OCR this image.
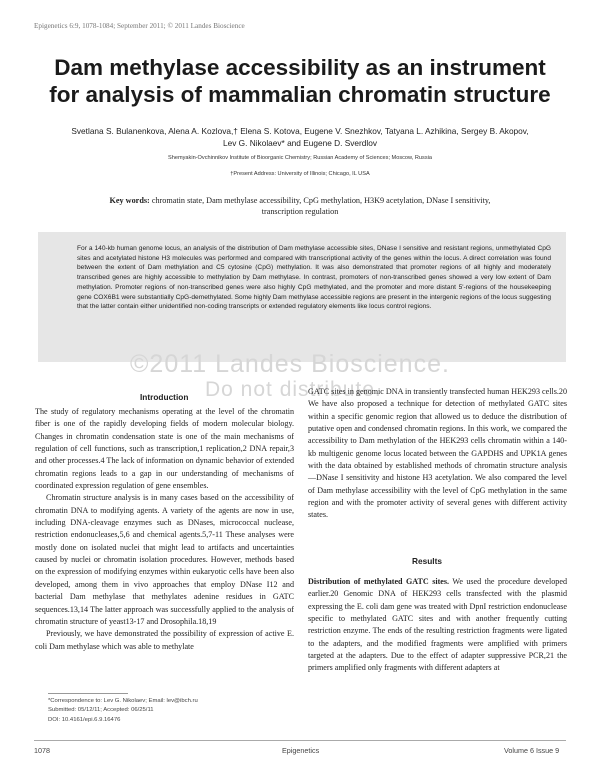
Epigenetics 6:9, 1078-1084; September 2011; © 2011 Landes Bioscience
Dam methylase accessibility as an instrument
for analysis of mammalian chromatin structure
Svetlana S. Bulanenkova, Alena A. Kozlova,† Elena S. Kotova, Eugene V. Snezhkov, Tatyana L. Azhikina, Sergey B. Akopov,
Lev G. Nikolaev* and Eugene D. Sverdlov
Shemyakin-Ovchinnikov Institute of Bioorganic Chemistry; Russian Academy of Sciences; Moscow, Russia
†Present Address: University of Illinois; Chicago, IL USA
Key words: chromatin state, Dam methylase accessibility, CpG methylation, H3K9 acetylation, DNase I sensitivity, transcription regulation
For a 140-kb human genome locus, an analysis of the distribution of Dam methylase accessible sites, DNase I sensitive and resistant regions, unmethylated CpG sites and acetylated histone H3 molecules was performed and compared with transcriptional activity of the genes within the locus. A direct correlation was found between the extent of Dam methylation and C5 cytosine (CpG) methylation. It was also demonstrated that promoter regions of all highly and moderately transcribed genes are highly accessible to methylation by Dam methylase. In contrast, promoters of non-transcribed genes showed a very low extent of Dam methylation. Promoter regions of non-transcribed genes were also highly CpG methylated, and the promoter and more distant 5'-regions of the housekeeping gene COX6B1 were substantially CpG-demethylated. Some highly Dam methylase accessible regions are present in the intergenic regions of the locus suggesting that the latter contain either unidentified non-coding transcripts or extended regulatory elements like locus control regions.
©2011 Landes Bioscience.
Do not distribute.
Introduction

The study of regulatory mechanisms operating at the level of the chromatin fiber is one of the rapidly developing fields of modern molecular biology. Changes in chromatin condensation state is one of the main mechanisms of regulation of cell functions, such as transcription,1 replication,2 DNA repair,3 and other processes.4 The lack of information on dynamic behavior of extended chromatin regions leads to a gap in our understanding of mechanisms of coordinated expression regulation of gene ensembles.

Chromatin structure analysis is in many cases based on the accessibility of chromatin DNA to modifying agents. A variety of the agents are now in use, including DNA-cleavage enzymes such as DNases, micrococcal nuclease, restriction endonucleases,5,6 and chemical agents.5,7-11 These analyses were mostly done on isolated nuclei that might lead to artifacts and uncertainties caused by nuclei or chromatin isolation procedures. However, methods based on the expression of modifying enzymes within eukaryotic cells have been also developed, among them in vivo approaches that employ DNase I12 and bacterial Dam methylase that methylates adenine residues in GATC sequences.13,14 The latter approach was successfully applied to the analysis of chromatin structure of yeast13-17 and Drosophila.18,19

Previously, we have demonstrated the possibility of expression of active E. coli Dam methylase which was able to methylate

GATC sites in genomic DNA in transiently transfected human HEK293 cells.20 We have also proposed a technique for detection of methylated GATC sites within a specific genomic region that allowed us to deduce the distribution of putative open and condensed chromatin regions. In this work, we compared the accessibility to Dam methylation of the HEK293 cells chromatin within a 140-kb multigenic genome locus located between the GAPDHS and UPK1A genes with the data obtained by established methods of chromatin structure analysis—DNase I sensitivity and histone H3 acetylation. We also compared the level of Dam methylase accessibility with the level of CpG methylation in the same region and with the promoter activity of several genes with different activity states.

Results

Distribution of methylated GATC sites. We used the procedure developed earlier.20 Genomic DNA of HEK293 cells transfected with the plasmid expressing the E. coli dam gene was treated with DpnI restriction endonuclease specific to methylated GATC sites and with another frequently cutting restriction enzyme. The ends of the resulting restriction fragments were ligated to the adapters, and the modified fragments were amplified with primers targeted at the adapters. Due to the effect of adapter suppressive PCR,21 the primers amplified only fragments with different adapters at

*Correspondence to: Lev G. Nikolaev; Email: lev@ibch.ru
Submitted: 05/12/11; Accepted: 06/25/11
DOI: 10.4161/epi.6.9.16476
1078	Epigenetics	Volume 6 Issue 9
